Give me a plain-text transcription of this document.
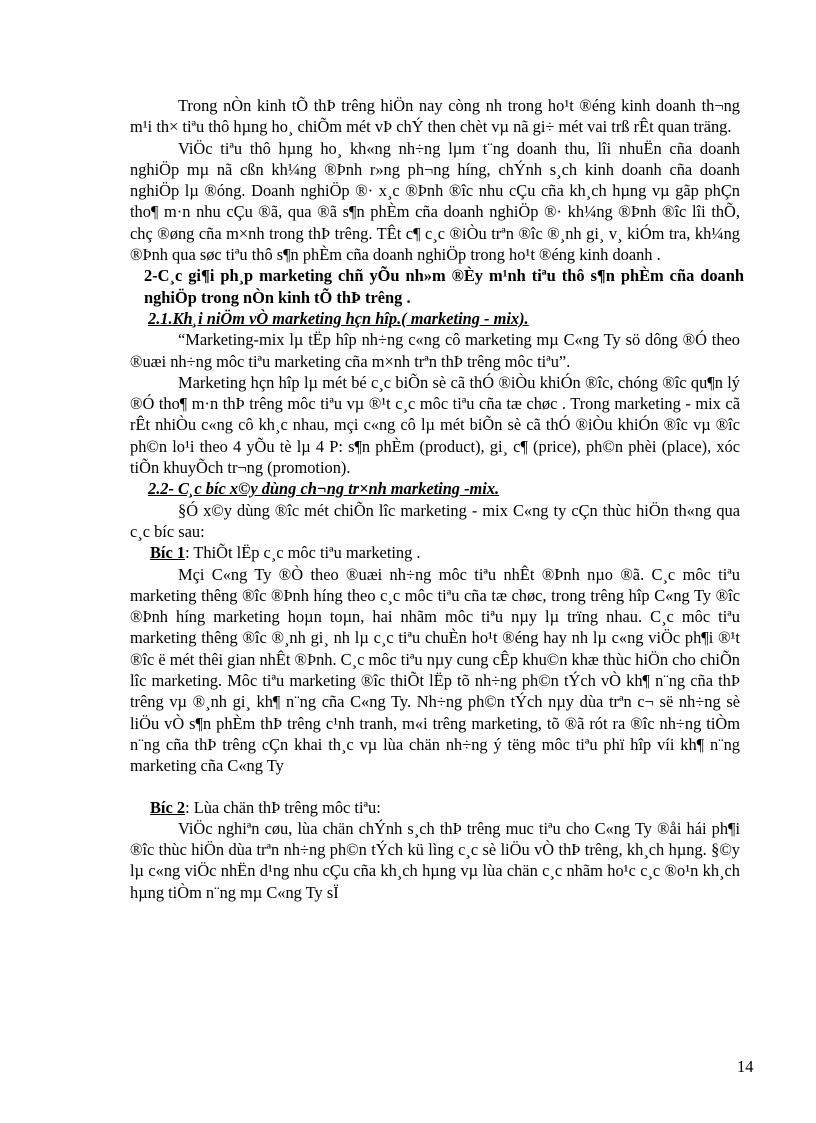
Trong nÒn kinh tÕ thÞ trêng hiÖn nay còng nh trong ho¹t ®éng kinh doanh th¬ng m¹i th× tiªu thô hµng ho¸ chiÕm mét vÞ chÝ then chèt vµ nã gi÷ mét vai trß rÊt quan träng.

ViÖc tiªu thô hµng ho¸ kh«ng nh÷ng lµm t¨ng doanh thu, lîi nhuËn cña doanh nghiÖp mµ nã cßn kh¼ng ®Þnh r»ng ph¬ng híng, chÝnh s¸ch kinh doanh cña doanh nghiÖp lµ ®óng. Doanh nghiÖp ®· x¸c ®Þnh ®îc nhu cÇu cña kh¸ch hµng vµ gãp phÇn tho¶ m·n nhu cÇu ®ã, qua ®ã s¶n phÈm cña doanh nghiÖp ®· kh¼ng ®Þnh ®îc lîi thÕ, chç ®øng cña m×nh trong thÞ trêng. TÊt c¶ c¸c ®iÒu trªn ®îc ®¸nh gi¸ v¸ kiÓm tra, kh¼ng ®Þnh qua søc tiªu thô s¶n phÈm cña doanh nghiÖp trong ho¹t ®éng kinh doanh .

2-C¸c gi¶i ph¸p marketing chñ yÕu nh»m ®Èy m¹nh tiªu thô s¶n phÈm cña doanh nghiÖp trong nÒn kinh tÕ thÞ trêng .

2.1.Kh¸i niÖm vÒ marketing hçn hîp.( marketing - mix).

“Marketing-mix lµ tËp hîp nh÷ng c«ng cô marketing mµ C«ng Ty sö dông ®Ó theo ®uæi nh÷ng môc tiªu marketing cña m×nh trªn thÞ trêng môc tiªu”.

Marketing hçn hîp lµ mét bé c¸c biÕn sè cã thÓ ®iÒu khiÓn ®îc, chóng ®îc qu¶n lý ®Ó tho¶ m·n thÞ trêng môc tiªu vµ ®¹t c¸c môc tiªu cña tæ chøc . Trong marketing - mix cã rÊt nhiÒu c«ng cô kh¸c nhau, mçi c«ng cô lµ mét biÕn sè cã thÓ ®iÒu khiÓn ®îc vµ ®îc ph©n lo¹i theo 4 yÕu tè lµ 4 P: s¶n phÈm (product), gi¸ c¶ (price), ph©n phèi (place), xóc tiÕn khuyÕch tr¬ng (promotion).

2.2- C¸c bíc x©y dùng ch¬ng tr×nh marketing -mix.

§Ó x©y dùng ®îc mét chiÕn lîc marketing - mix C«ng ty cÇn thùc hiÖn th«ng qua c¸c bíc sau:

Bíc 1: ThiÕt lËp c¸c môc tiªu marketing .

Mçi C«ng Ty ®Ò theo ®uæi nh÷ng môc tiªu nhÊt ®Þnh nµo ®ã. C¸c môc tiªu marketing thêng ®îc ®Þnh híng theo c¸c môc tiªu cña tæ chøc, trong trêng hîp C«ng Ty ®îc ®Þnh híng marketing hoµn toµn, hai nhãm môc tiªu nµy lµ trïng nhau. C¸c môc tiªu marketing thêng ®îc ®¸nh gi¸ nh lµ c¸c tiªu chuÈn ho¹t ®éng hay nh lµ c«ng viÖc ph¶i ®¹t ®îc ë mét thêi gian nhÊt ®Þnh. C¸c môc tiªu nµy cung cÊp khu©n khæ thùc hiÖn cho chiÕn lîc marketing. Môc tiªu marketing ®îc thiÕt lËp tõ nh÷ng ph©n tÝch vÒ kh¶ n¨ng cña thÞ trêng vµ ®¸nh gi¸ kh¶ n¨ng cña C«ng Ty. Nh÷ng ph©n tÝch nµy dùa trªn c¬ së nh÷ng sè liÖu vÒ s¶n phÈm thÞ trêng c¹nh tranh, m«i trêng marketing, tõ ®ã rót ra ®îc nh÷ng tiÒm n¨ng cña thÞ trêng cÇn khai th¸c vµ lùa chän nh÷ng ý tëng môc tiªu phï hîp víi kh¶ n¨ng marketing cña C«ng Ty

Bíc 2: Lùa chän thÞ trêng môc tiªu:

ViÖc nghiªn cøu, lùa chän chÝnh s¸ch thÞ trêng muc tiªu cho C«ng Ty ®åi hái ph¶i ®îc thùc hiÖn dùa trªn nh÷ng ph©n tÝch kü lìng c¸c sè liÖu vÒ thÞ trêng, kh¸ch hµng. §©y lµ c«ng viÖc nhËn d¹ng nhu cÇu cña kh¸ch hµng vµ lùa chän c¸c nhãm ho¹c c¸c ®o¹n kh¸ch hµng tiÒm n¨ng mµ C«ng Ty sÏ

14
